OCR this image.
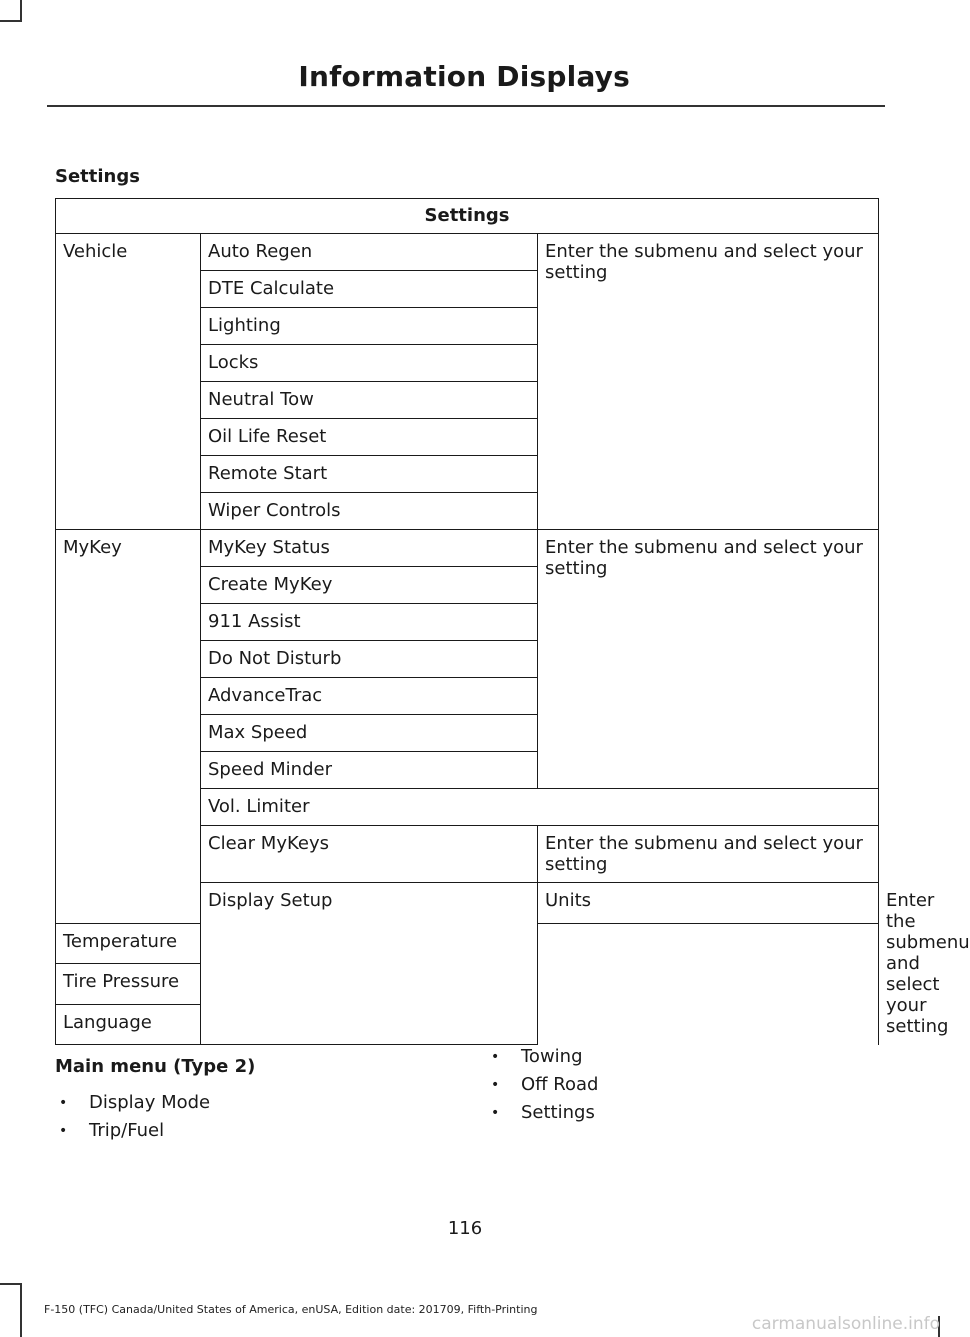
Information Displays
Settings
Settings			
Vehicle	Auto Regen	Enter the submenu and select your setting	
	DTE Calculate		
	Lighting		
	Locks		
	Neutral Tow		
	Oil Life Reset		
	Remote Start		
	Wiper Controls		
MyKey	MyKey Status	Enter the submenu and select your setting	
	Create MyKey		
	911 Assist		
	Do Not Disturb		
	AdvanceTrac		
	Max Speed		
	Speed Minder		
	Vol. Limiter		
	Clear MyKeys	Enter the submenu and select your setting	
	Display Setup	Units	Enter the submenu and select your setting
Temperature			
Tire Pressure			
Language			
Main menu (Type 2)
• Display Mode
• Trip/Fuel
• Towing
• Off Road
• Settings
116
F-150 (TFC) Canada/United States of America, enUSA, Edition date: 201709, Fifth-Printing
carmanualsonline.info
